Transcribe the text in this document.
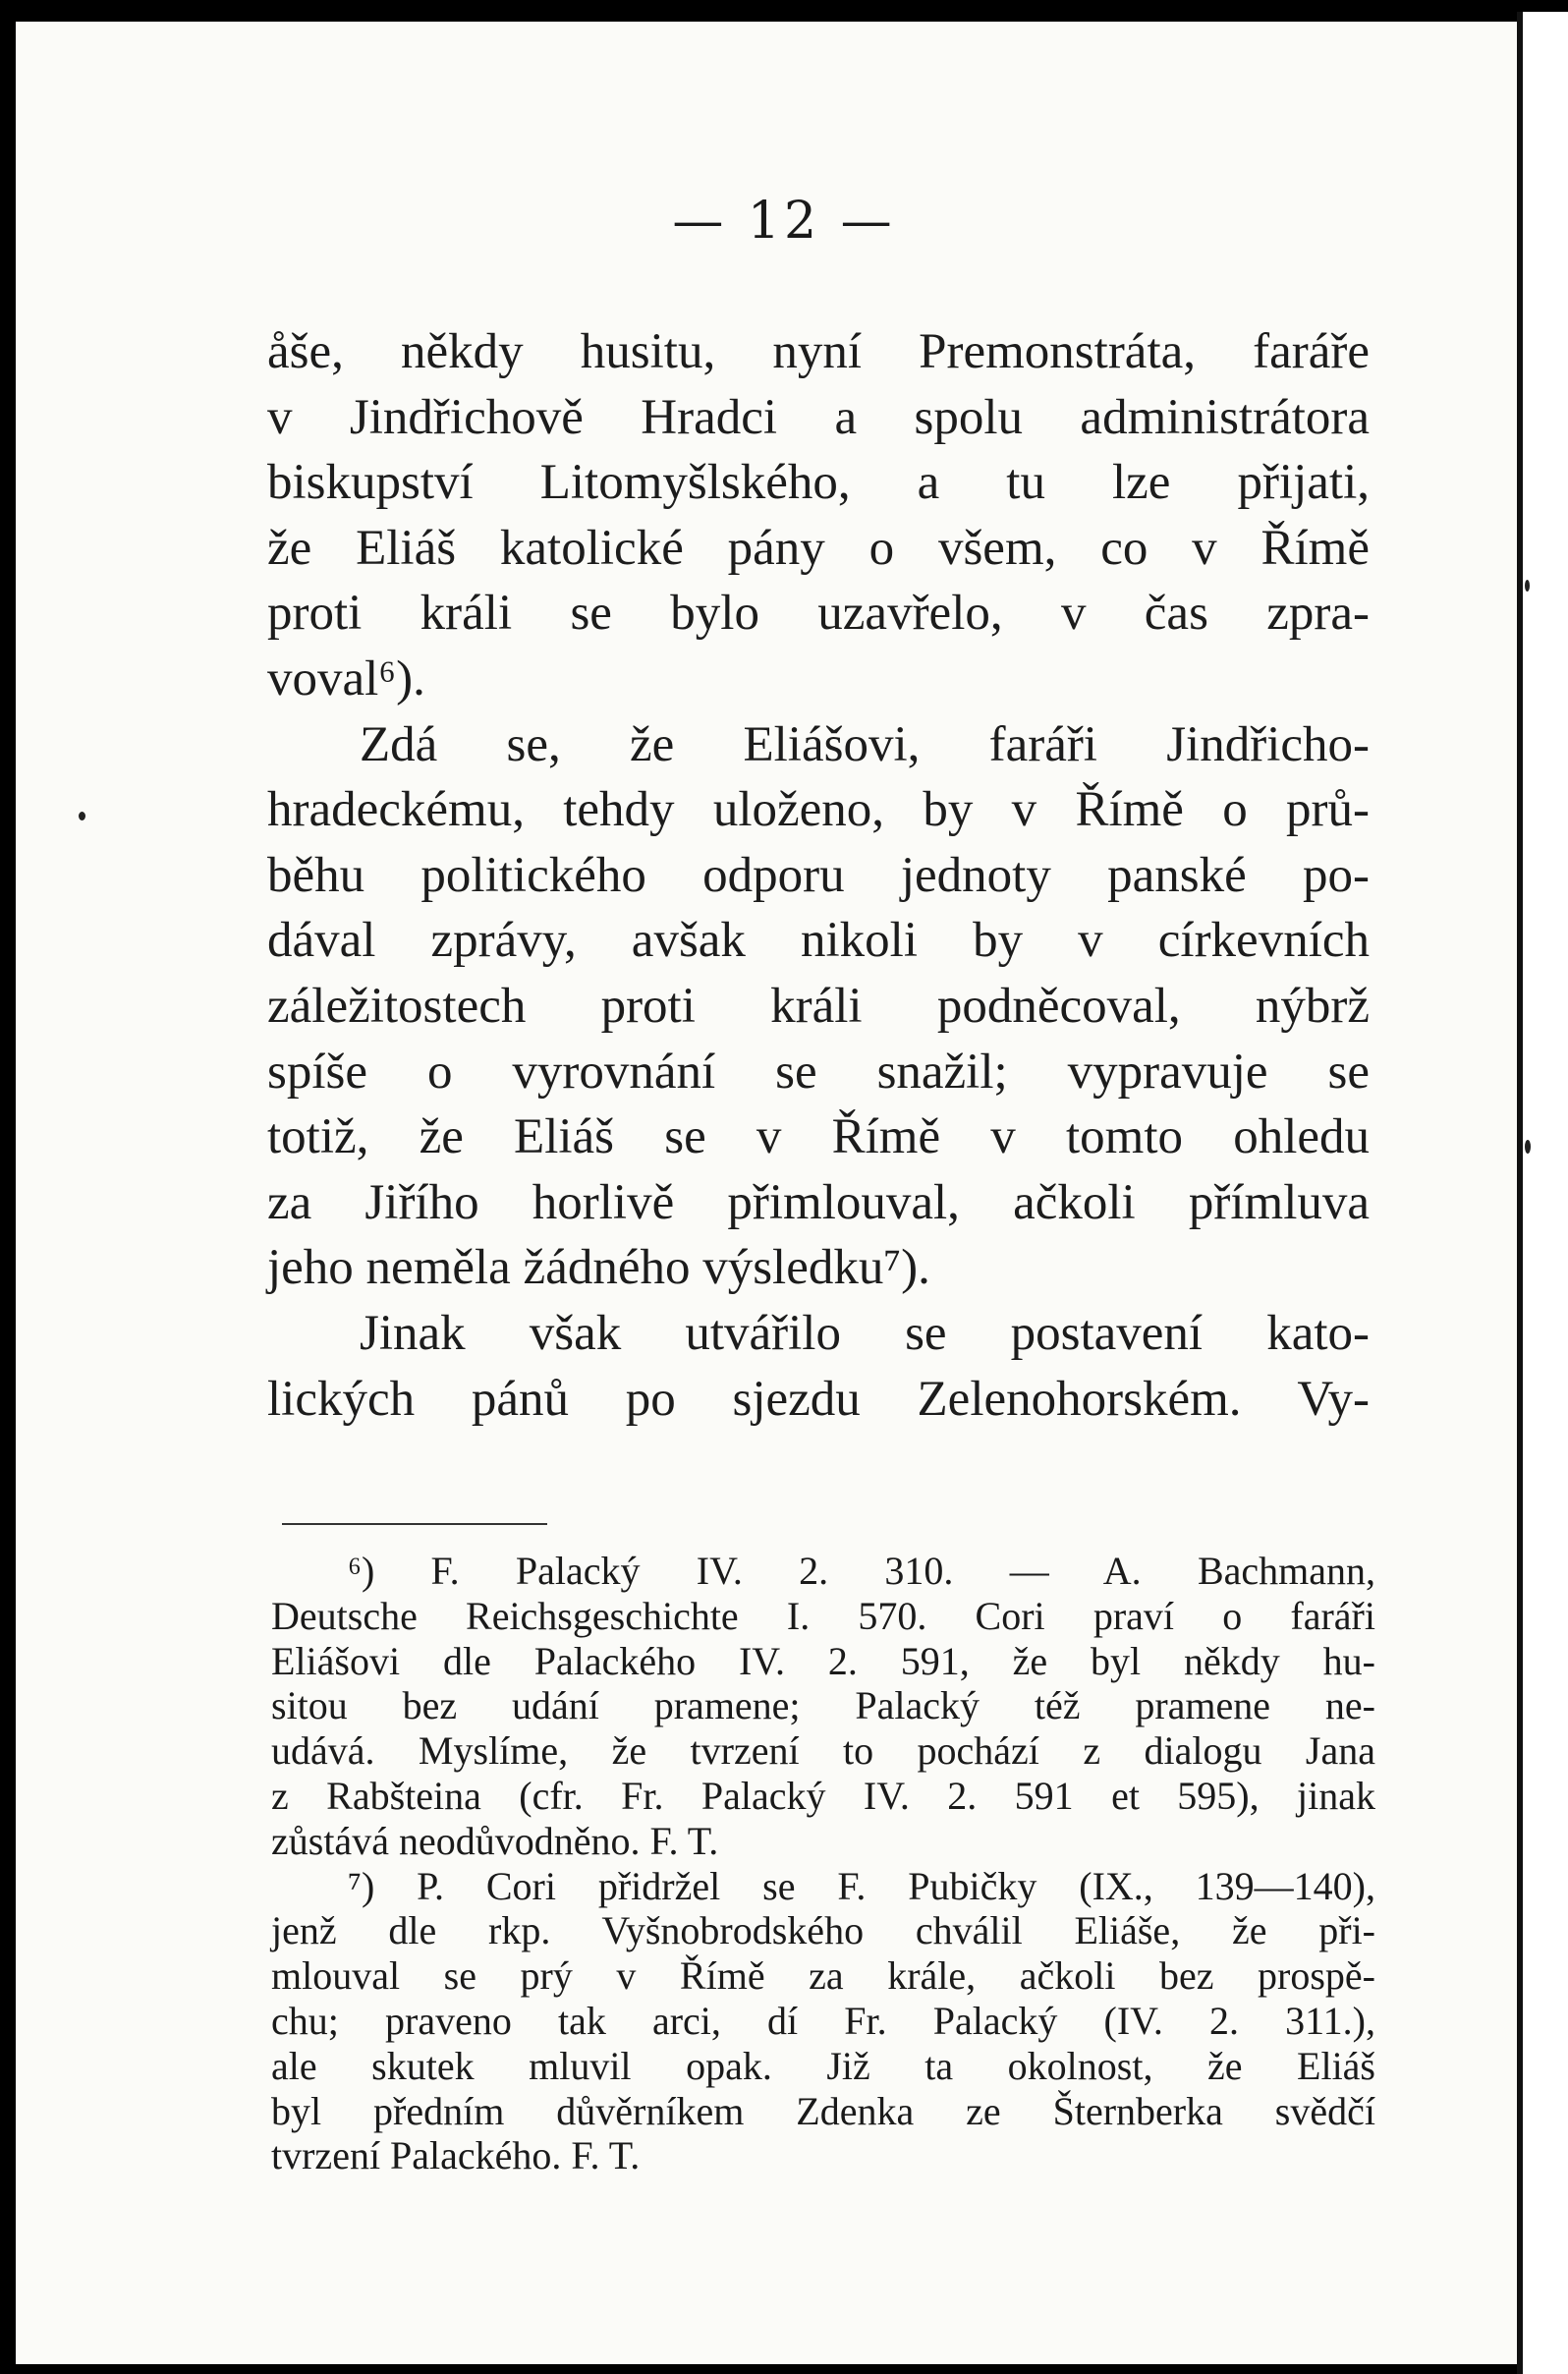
— 12 —
åše, někdy husitu, nyní Premonstráta, faráře
v Jindřichově Hradci a spolu administrátora
biskupství Litomyšlského, a tu lze přijati,
že Eliáš katolické pány o všem, co v Římě
proti králi se bylo uzavřelo, v čas zpra-
voval⁶).
Zdá se, že Eliášovi, faráři Jindřicho-
hradeckému, tehdy uloženo, by v Římě o prů-
běhu politického odporu jednoty panské po-
dával zprávy, avšak nikoli by v církevních
záležitostech proti králi podněcoval, nýbrž
spíše o vyrovnání se snažil; vypravuje se
totiž, že Eliáš se v Římě v tomto ohledu
za Jiřího horlivě přimlouval, ačkoli přímluva
jeho neměla žádného výsledku⁷).
Jinak však utvářilo se postavení kato-
lických pánů po sjezdu Zelenohorském. Vy-
⁶) F. Palacký IV. 2. 310. — A. Bachmann,
Deutsche Reichsgeschichte I. 570. Cori praví o faráři
Eliášovi dle Palackého IV. 2. 591, že byl někdy hu-
sitou bez udání pramene; Palacký též pramene ne-
udává. Myslíme, že tvrzení to pochází z dialogu Jana
z Rabšteina (cfr. Fr. Palacký IV. 2. 591 et 595), jinak
zůstává neodůvodněno. F. T.
⁷) P. Cori přidržel se F. Pubičky (IX., 139—140),
jenž dle rkp. Vyšnobrodského chválil Eliáše, že při-
mlouval se prý v Římě za krále, ačkoli bez prospě-
chu; praveno tak arci, dí Fr. Palacký (IV. 2. 311.),
ale skutek mluvil opak. Již ta okolnost, že Eliáš
byl předním důvěrníkem Zdenka ze Šternberka svědčí
tvrzení Palackého. F. T.
